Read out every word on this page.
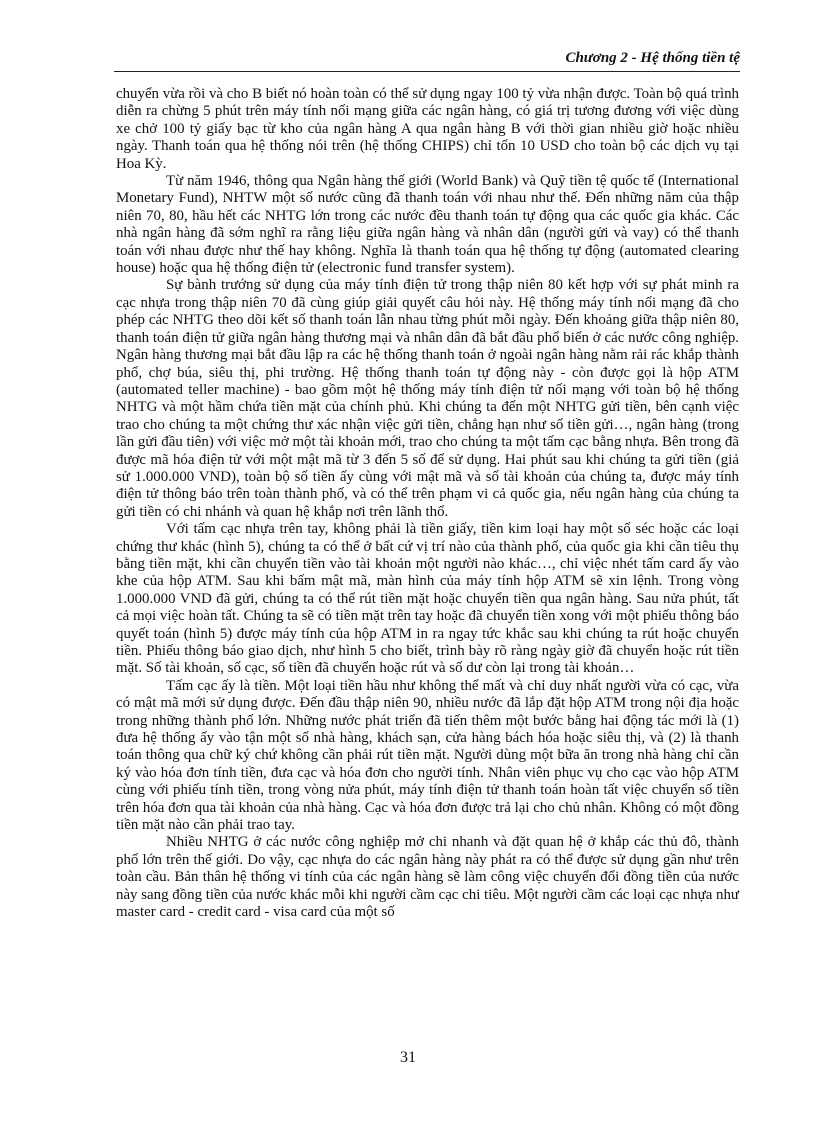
Chương 2 - Hệ thống tiền tệ

chuyển vừa rồi và cho B biết nó hoàn toàn có thể sử dụng ngay 100 tỷ vừa nhận được. Toàn bộ quá trình diễn ra chừng 5 phút trên máy tính nối mạng giữa các ngân hàng, có giá trị tương đương với việc dùng xe chở 100 tỷ giấy bạc từ kho của ngân hàng A qua ngân hàng B với thời gian nhiều giờ hoặc nhiều ngày. Thanh toán qua hệ thống nói trên (hệ thống CHIPS) chỉ tốn 10 USD cho toàn bộ các dịch vụ tại Hoa Kỳ.

Từ năm 1946, thông qua Ngân hàng thế giới (World Bank) và Quỹ tiền tệ quốc tế (International Monetary Fund), NHTW một số nước cũng đã thanh toán với nhau như thế. Đến những năm của thập niên 70, 80, hầu hết các NHTG lớn trong các nước đều thanh toán tự động qua các quốc gia khác. Các nhà ngân hàng đã sớm nghĩ ra rằng liệu giữa ngân hàng và nhân dân (người gửi và vay) có thể thanh toán với nhau được như thế hay không. Nghĩa là thanh toán qua hệ thống tự động (automated clearing house) hoặc qua hệ thống điện tử (electronic fund transfer system).

Sự bành trướng sử dụng của máy tính điện tử trong thập niên 80 kết hợp với sự phát minh ra cạc nhựa trong thập niên 70 đã cùng giúp giải quyết câu hỏi này. Hệ thống máy tính nối mạng đã cho phép các NHTG theo dõi kết số thanh toán lẫn nhau từng phút mỗi ngày. Đến khoảng giữa thập niên 80, thanh toán điện tử giữa ngân hàng thương mại và nhân dân đã bắt đầu phổ biến ở các nước công nghiệp. Ngân hàng thương mại bắt đầu lập ra các hệ thống thanh toán ở ngoài ngân hàng nằm rải rác khắp thành phố, chợ búa, siêu thị, phi trường. Hệ thống thanh toán tự động này - còn được gọi là hộp ATM (automated teller machine) - bao gồm một hệ thống máy tính điện tử nối mạng với toàn bộ hệ thống NHTG và một hầm chứa tiền mặt của chính phủ. Khi chúng ta đến một NHTG gửi tiền, bên cạnh việc trao cho chúng ta một chứng thư xác nhận việc gửi tiền, chẳng hạn như sổ tiền gửi…, ngân hàng (trong lần gửi đầu tiên) với việc mở một tài khoản mới, trao cho chúng ta một tấm cạc bằng nhựa. Bên trong đã được mã hóa điện tử với một mật mã từ 3 đến 5 số để sử dụng. Hai phút sau khi chúng ta gửi tiền (giả sử 1.000.000 VND), toàn bộ số tiền ấy cùng với mật mã và số tài khoản của chúng ta, được máy tính điện tử thông báo trên toàn thành phố, và có thể trên phạm vi cả quốc gia, nếu ngân hàng của chúng ta gửi tiền có chi nhánh và quan hệ khắp nơi trên lãnh thổ.

Với tấm cạc nhựa trên tay, không phải là tiền giấy, tiền kim loại hay một số séc hoặc các loại chứng thư khác (hình 5), chúng ta có thể ở bất cứ vị trí nào của thành phố, của quốc gia khi cần tiêu thụ bằng tiền mặt, khi cần chuyển tiền vào tài khoản một người nào khác…, chỉ việc nhét tấm card ấy vào khe của hộp ATM. Sau khi bấm mật mã, màn hình của máy tính hộp ATM sẽ xin lệnh. Trong vòng 1.000.000 VND đã gửi, chúng ta có thể rút tiền mặt hoặc chuyển tiền qua ngân hàng. Sau nửa phút, tất cả mọi việc hoàn tất. Chúng ta sẽ có tiền mặt trên tay hoặc đã chuyển tiền xong với một phiếu thông báo quyết toán (hình 5) được máy tính của hộp ATM in ra ngay tức khắc sau khi chúng ta rút hoặc chuyển tiền. Phiếu thông báo giao dịch, như hình 5 cho biết, trình bày rõ ràng ngày giờ đã chuyển hoặc rút tiền mặt. Số tài khoản, số cạc, số tiền đã chuyển hoặc rút và số dư còn lại trong tài khoản…

Tấm cạc ấy là tiền. Một loại tiền hầu như không thể mất và chỉ duy nhất người vừa có cạc, vừa có mật mã mới sử dụng được. Đến đầu thập niên 90, nhiều nước đã lắp đặt hộp ATM trong nội địa hoặc trong những thành phố lớn. Những nước phát triển đã tiến thêm một bước bằng hai động tác mới là (1) đưa hệ thống ấy vào tận một số nhà hàng, khách sạn, cửa hàng bách hóa hoặc siêu thị, và (2) là thanh toán thông qua chữ ký chứ không cần phải rút tiền mặt. Người dùng một bữa ăn trong nhà hàng chỉ cần ký vào hóa đơn tính tiền, đưa cạc và hóa đơn cho người tính. Nhân viên phục vụ cho cạc vào hộp ATM cùng với phiếu tính tiền, trong vòng nửa phút, máy tính điện tử thanh toán hoàn tất việc chuyển số tiền trên hóa đơn qua tài khoản của nhà hàng. Cạc và hóa đơn được trả lại cho chủ nhân. Không có một đồng tiền mặt nào cần phải trao tay.

Nhiều NHTG ở các nước công nghiệp mở chi nhanh và đặt quan hệ ở khắp các thủ đô, thành phố lớn trên thế giới. Do vậy, cạc nhựa do các ngân hàng này phát ra có thể được sử dụng gần như trên toàn cầu. Bản thân hệ thống vi tính của các ngân hàng sẽ làm công việc chuyển đổi đồng tiền của nước này sang đồng tiền của nước khác mỗi khi người cầm cạc chi tiêu. Một người cầm các loại cạc nhựa như master card - credit card - visa card của một số

31
